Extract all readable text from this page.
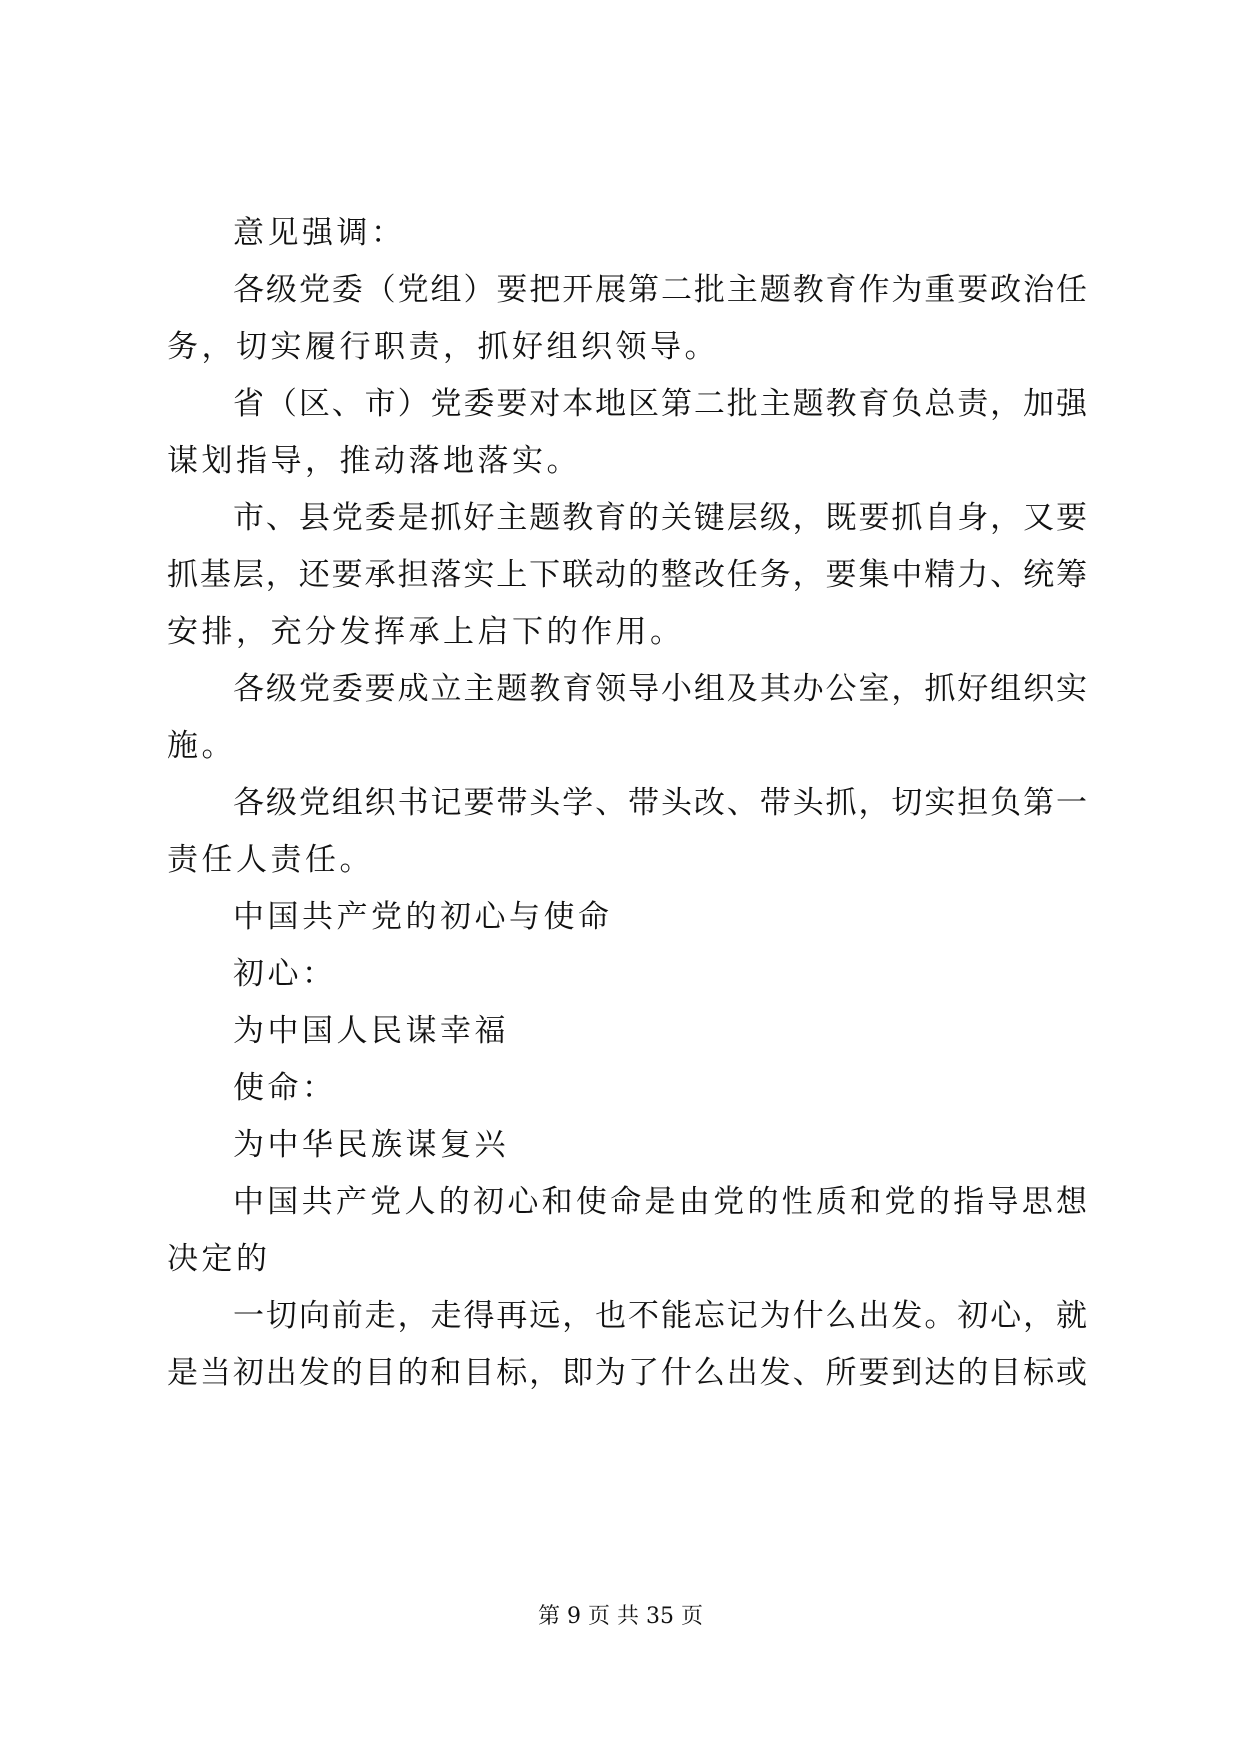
意见强调：
各级党委（党组）要把开展第二批主题教育作为重要政治任
务，切实履行职责，抓好组织领导。
省（区、市）党委要对本地区第二批主题教育负总责，加强
谋划指导，推动落地落实。
市、县党委是抓好主题教育的关键层级，既要抓自身，又要
抓基层，还要承担落实上下联动的整改任务，要集中精力、统筹
安排，充分发挥承上启下的作用。
各级党委要成立主题教育领导小组及其办公室，抓好组织实
施。
各级党组织书记要带头学、带头改、带头抓，切实担负第一
责任人责任。
中国共产党的初心与使命
初心：
为中国人民谋幸福
使命：
为中华民族谋复兴
中国共产党人的初心和使命是由党的性质和党的指导思想
决定的
一切向前走，走得再远，也不能忘记为什么出发。初心，就
是当初出发的目的和目标，即为了什么出发、所要到达的目标或
第 9 页 共 35 页
